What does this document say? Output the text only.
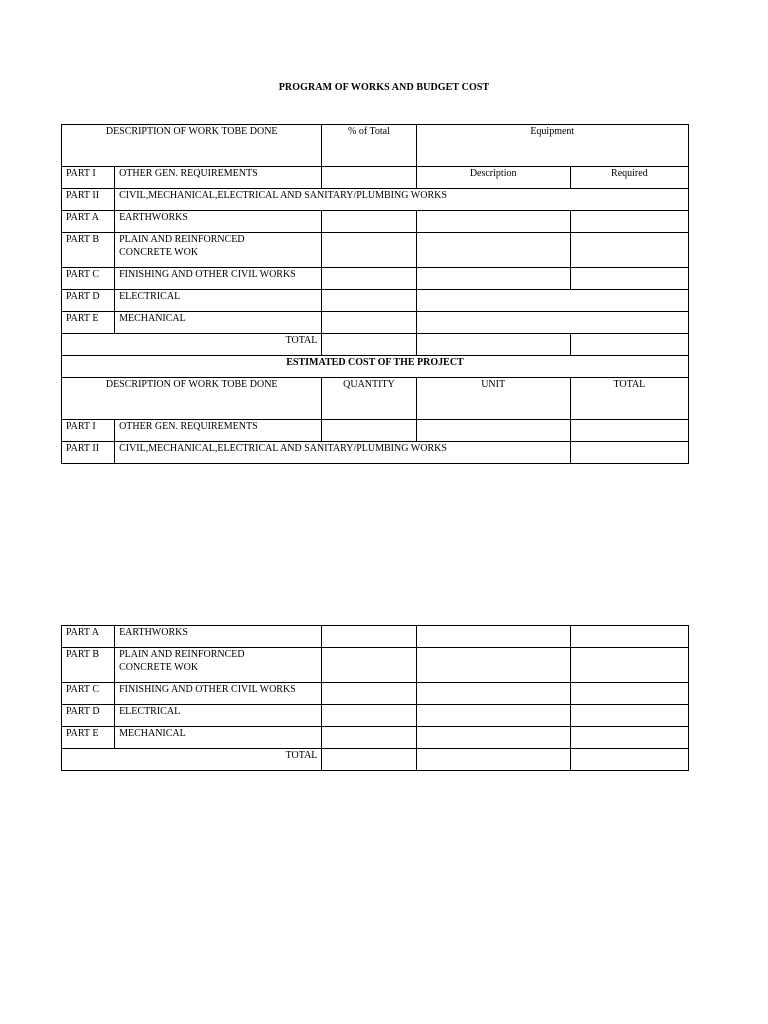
PROGRAM OF WORKS AND BUDGET COST
DESCRIPTION OF WORK TOBE DONE		% of Total	Equipment	
PART I	OTHER GEN. REQUIREMENTS		Description	Required
PART II	CIVIL,MECHANICAL,ELECTRICAL AND SANITARY/PLUMBING WORKS			
PART A	EARTHWORKS			
PART B	PLAIN AND REINFORNCED
CONCRETE WOK			
PART C	FINISHING AND OTHER CIVIL WORKS			
PART D	ELECTRICAL			
PART E	MECHANICAL			
TOTAL				
ESTIMATED COST OF THE PROJECT				
DESCRIPTION OF WORK TOBE DONE		QUANTITY	UNIT	TOTAL
PART I	OTHER GEN. REQUIREMENTS			
PART II	CIVIL,MECHANICAL,ELECTRICAL AND SANITARY/PLUMBING WORKS			
PART A	EARTHWORKS			
PART B	PLAIN AND REINFORNCED
CONCRETE WOK			
PART C	FINISHING AND OTHER CIVIL WORKS			
PART D	ELECTRICAL			
PART E	MECHANICAL			
TOTAL				
